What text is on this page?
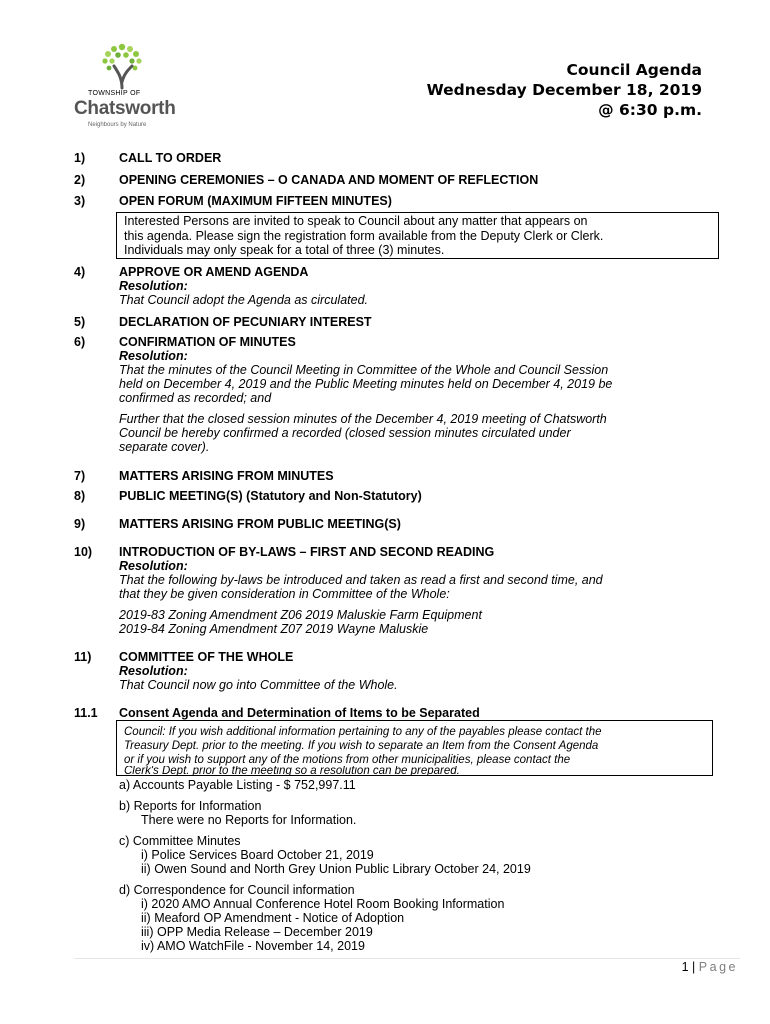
TOWNSHIP OF
Chatsworth
Neighbours by Nature
Council Agenda
Wednesday December 18, 2019
@ 6:30 p.m.
1)	CALL TO ORDER
2)	OPENING CEREMONIES – O CANADA AND MOMENT OF REFLECTION
3)	OPEN FORUM (MAXIMUM FIFTEEN MINUTES)
Interested Persons are invited to speak to Council about any matter that appears on
this agenda. Please sign the registration form available from the Deputy Clerk or Clerk.
Individuals may only speak for a total of three (3) minutes.
4)	APPROVE OR AMEND AGENDA
Resolution:
That Council adopt the Agenda as circulated.
5)	DECLARATION OF PECUNIARY INTEREST
6)	CONFIRMATION OF MINUTES
Resolution:
That the minutes of the Council Meeting in Committee of the Whole and Council Session
held on December 4, 2019 and the Public Meeting minutes held on December 4, 2019 be
confirmed as recorded; and
Further that the closed session minutes of the December 4, 2019 meeting of Chatsworth
Council be hereby confirmed a recorded (closed session minutes circulated under
separate cover).
7)	MATTERS ARISING FROM MINUTES
8)	PUBLIC MEETING(S) (Statutory and Non-Statutory)
9)	MATTERS ARISING FROM PUBLIC MEETING(S)
10) INTRODUCTION OF BY-LAWS – FIRST AND SECOND READING
Resolution:
That the following by-laws be introduced and taken as read a first and second time, and
that they be given consideration in Committee of the Whole:
2019-83 Zoning Amendment Z06 2019 Maluskie Farm Equipment
2019-84 Zoning Amendment Z07 2019 Wayne Maluskie
11) COMMITTEE OF THE WHOLE
Resolution:
That Council now go into Committee of the Whole.
11.1 Consent Agenda and Determination of Items to be Separated
Council: If you wish additional information pertaining to any of the payables please contact the
Treasury Dept. prior to the meeting. If you wish to separate an Item from the Consent Agenda
or if you wish to support any of the motions from other municipalities, please contact the
Clerk's Dept. prior to the meeting so a resolution can be prepared.
a) Accounts Payable Listing - $ 752,997.11
b) Reports for Information
There were no Reports for Information.
c) Committee Minutes
i) Police Services Board October 21, 2019
ii) Owen Sound and North Grey Union Public Library October 24, 2019
d) Correspondence for Council information
i) 2020 AMO Annual Conference Hotel Room Booking Information
ii) Meaford OP Amendment - Notice of Adoption
iii) OPP Media Release – December 2019
iv) AMO WatchFile - November 14, 2019
1 | Page
